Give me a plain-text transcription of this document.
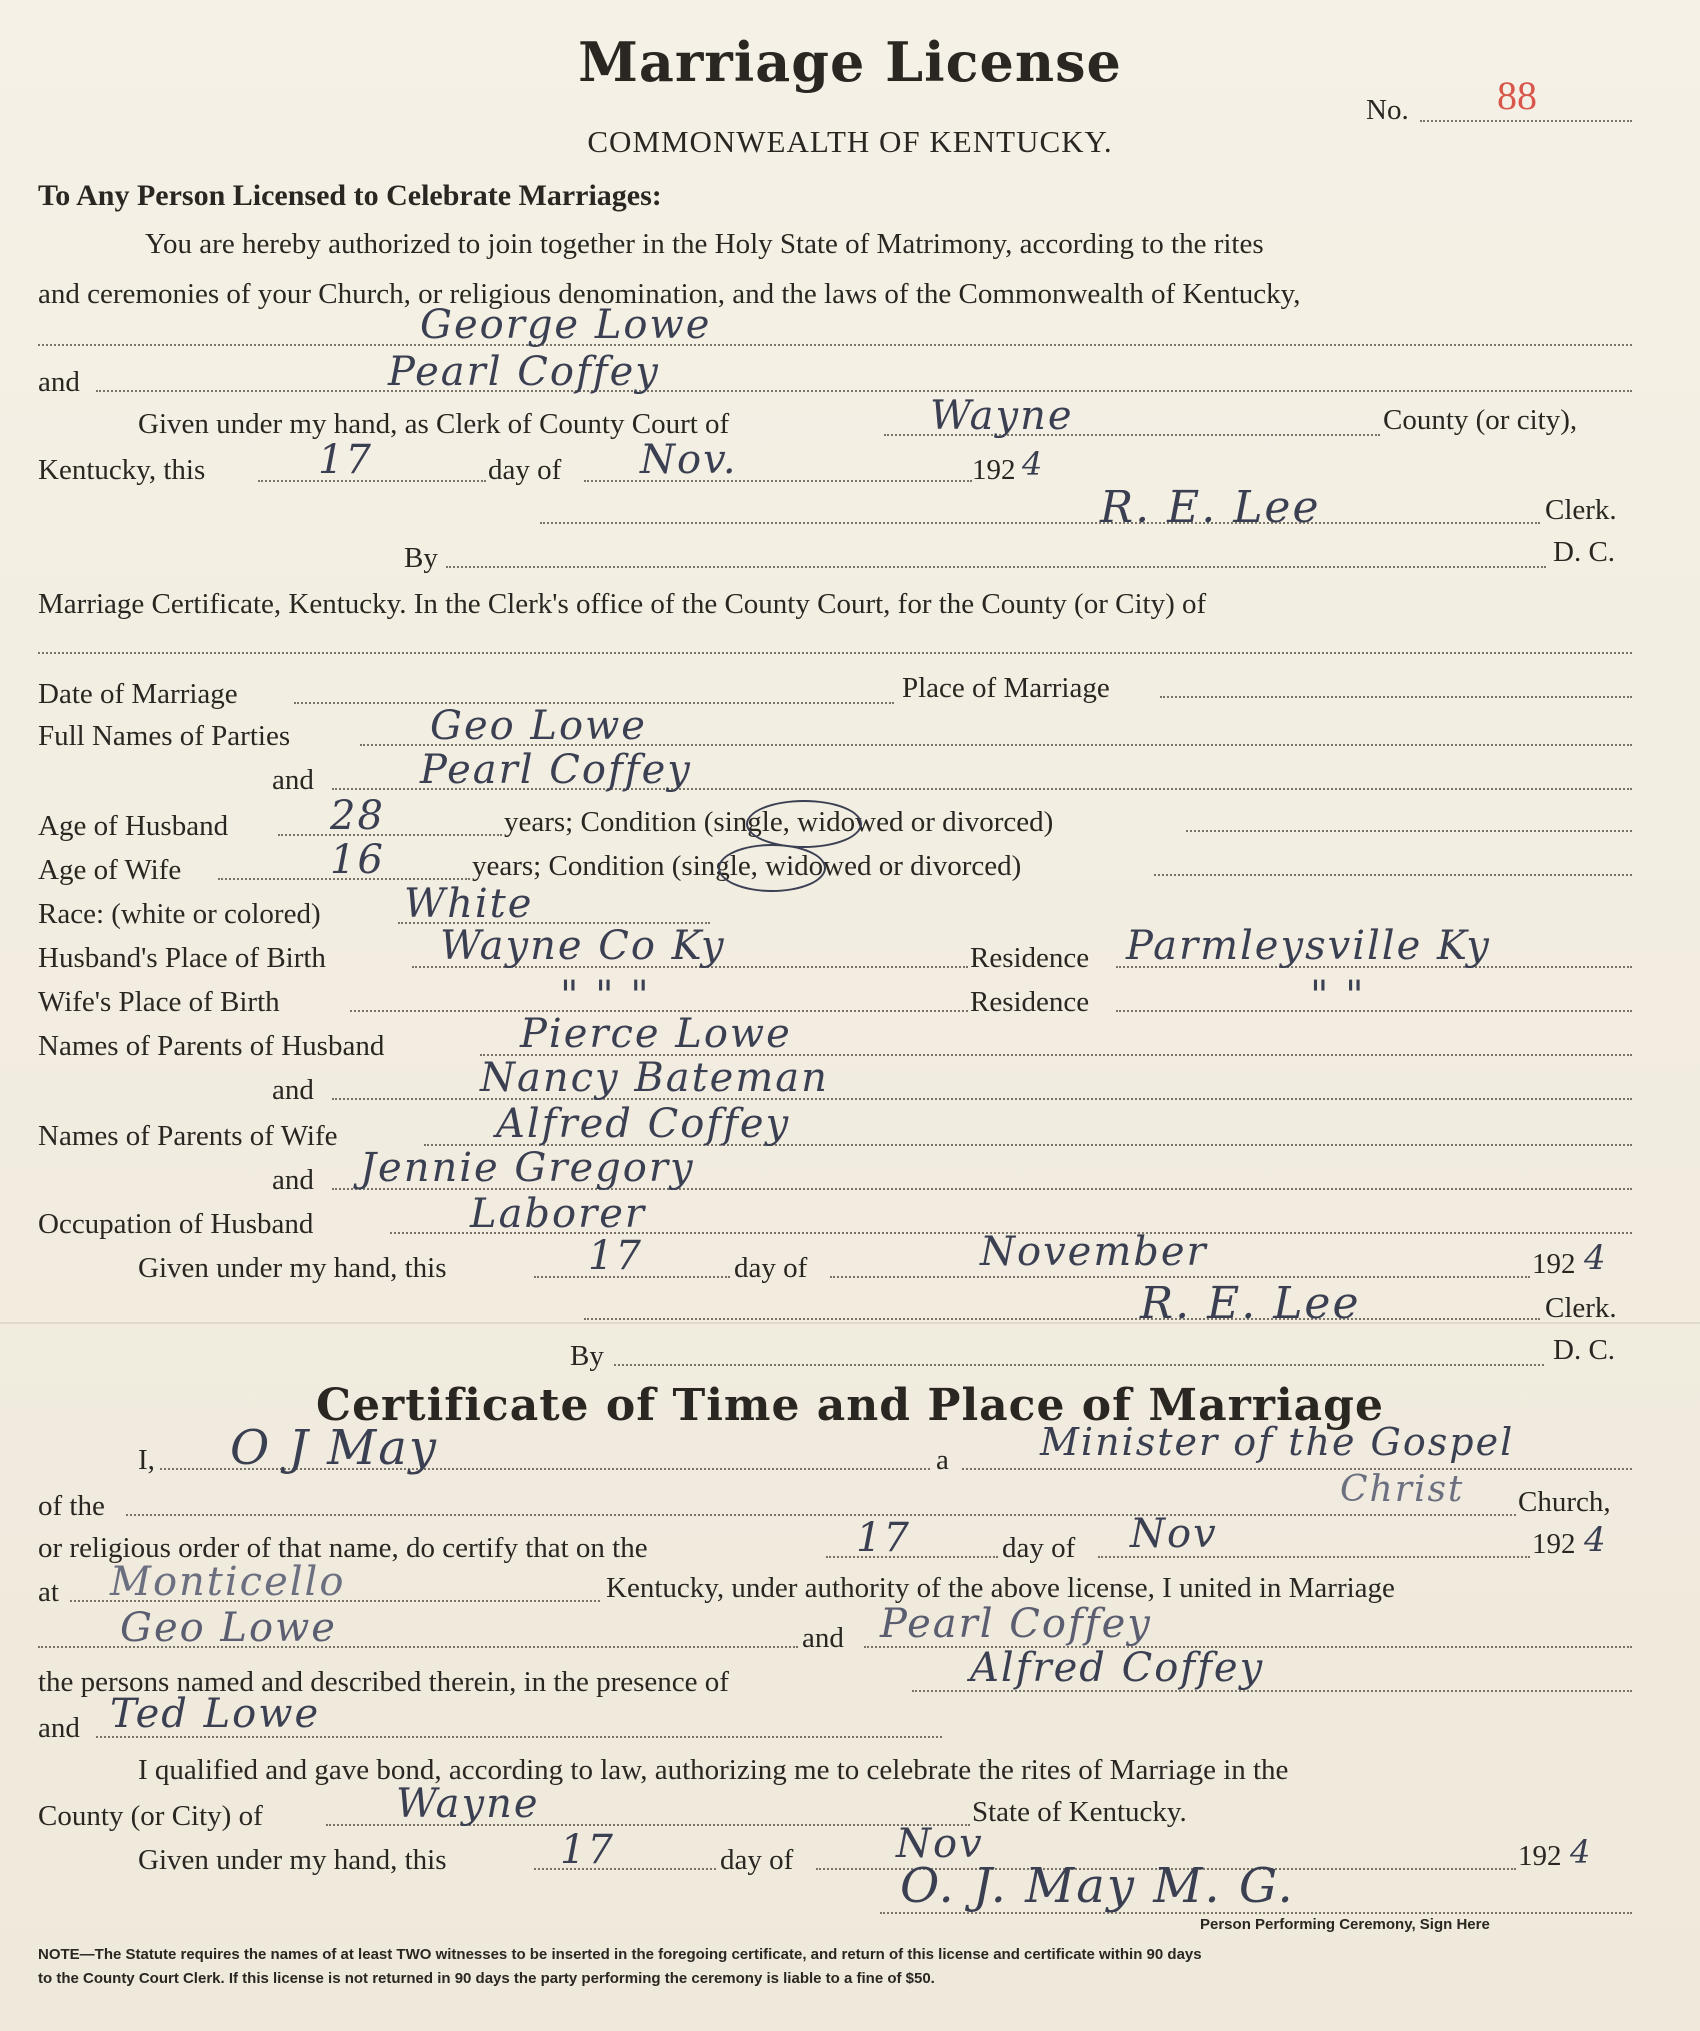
Marriage License
No. 88
COMMONWEALTH OF KENTUCKY.
To Any Person Licensed to Celebrate Marriages:
You are hereby authorized to join together in the Holy State of Matrimony, according to the rites
and ceremonies of your Church, or religious denomination, and the laws of the Commonwealth of Kentucky,
George Lowe
and	Pearl Coffey
Given under my hand, as Clerk of County Court of	Wayne	County (or city),
Kentucky, this	17	day of Nov.	192 4
R. E. Lee	Clerk.
By	D. C.
Marriage Certificate, Kentucky. In the Clerk's office of the County Court, for the County (or City) of
Date of Marriage	Place of Marriage
Full Names of Parties	Geo Lowe
and	Pearl Coffey
Age of Husband	28	years; Condition (single, widowed or divorced)
Age of Wife	16	years; Condition (single, widowed or divorced)
Race: (white or colored) White
Husband's Place of Birth	Wayne Co Ky	Residence Parmleysville Ky
Wife's Place of Birth	" " "	Residence	" "
Names of Parents of Husband	Pierce Lowe
and	Nancy Bateman
Names of Parents of Wife	Alfred Coffey
and Jennie Gregory
Occupation of Husband	Laborer
Given under my hand, this	17	day of	November	192 4
R. E. Lee	Clerk.
By	D. C.
Certificate of Time and Place of Marriage
I, O J May	a Minister of the Gospel
of the	Christ Church,
or religious order of that name, do certify that on the	17	day of Nov	192 4
at Monticello	Kentucky, under authority of the above license, I united in Marriage
Geo Lowe	and Pearl Coffey
the persons named and described therein, in the presence of	Alfred Coffey
and Ted Lowe
I qualified and gave bond, according to law, authorizing me to celebrate the rites of Marriage in the
County (or City) of	Wayne	State of Kentucky.
Given under my hand, this	17	day of	Nov	192 4
O. J. May M. G.
Person Performing Ceremony, Sign Here
NOTE—The Statute requires the names of at least TWO witnesses to be inserted in the foregoing certificate, and return of this license and certificate within 90 days
to the County Court Clerk. If this license is not returned in 90 days the party performing the ceremony is liable to a fine of $50.
